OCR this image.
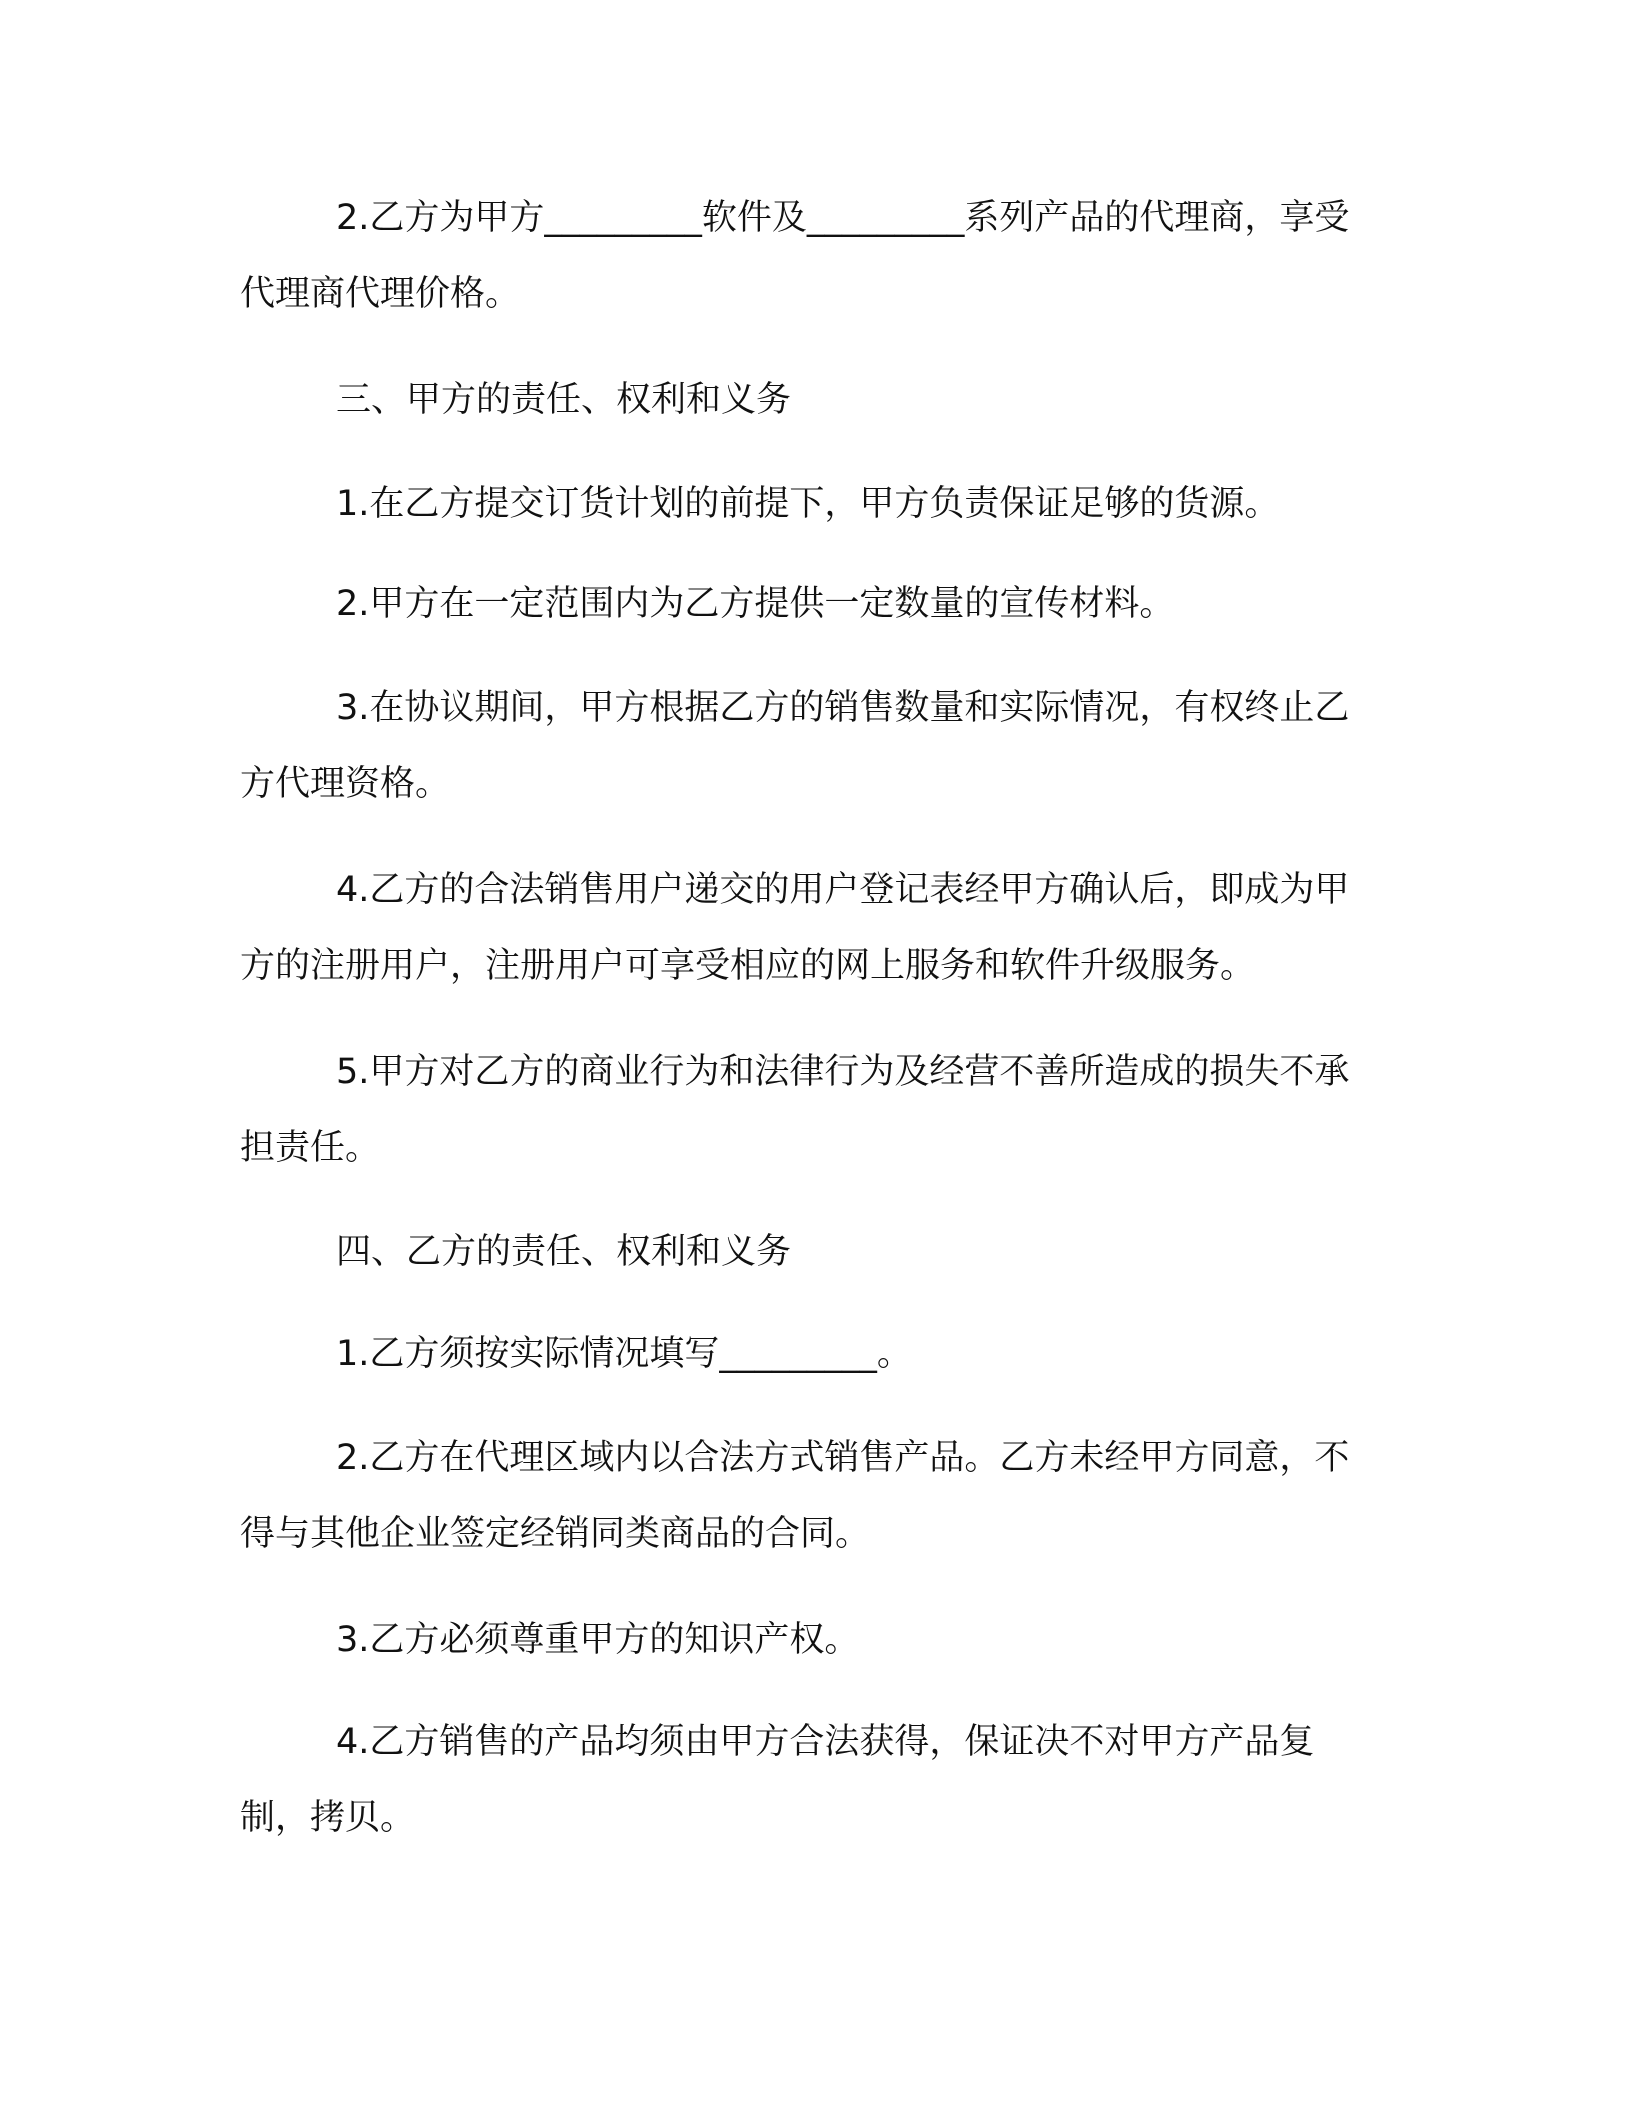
2.乙方为甲方_________软件及_________系列产品的代理商，享受代理商代理价格。

三、甲方的责任、权利和义务

1.在乙方提交订货计划的前提下，甲方负责保证足够的货源。

2.甲方在一定范围内为乙方提供一定数量的宣传材料。

3.在协议期间，甲方根据乙方的销售数量和实际情况，有权终止乙方代理资格。

4.乙方的合法销售用户递交的用户登记表经甲方确认后，即成为甲方的注册用户，注册用户可享受相应的网上服务和软件升级服务。

5.甲方对乙方的商业行为和法律行为及经营不善所造成的损失不承担责任。

四、乙方的责任、权利和义务

1.乙方须按实际情况填写_________。

2.乙方在代理区域内以合法方式销售产品。乙方未经甲方同意，不得与其他企业签定经销同类商品的合同。

3.乙方必须尊重甲方的知识产权。

4.乙方销售的产品均须由甲方合法获得，保证决不对甲方产品复制，拷贝。
